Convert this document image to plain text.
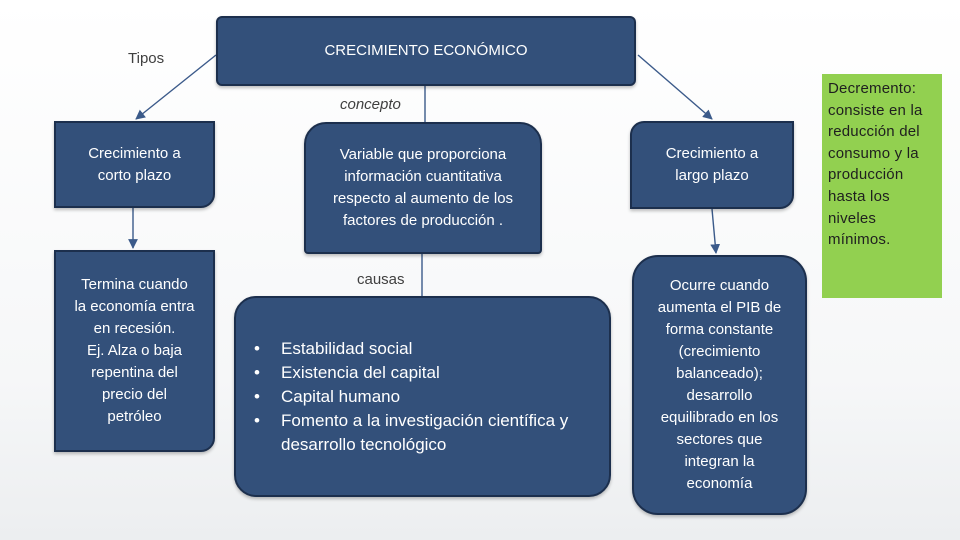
Tipos
concepto
causas
CRECIMIENTO ECONÓMICO
Crecimiento a
corto plazo
Variable que proporciona
información cuantitativa
respecto al aumento de los
factores de producción .
Crecimiento a
largo plazo
Termina cuando
la economía entra
en recesión.
Ej. Alza o baja
repentina del
precio del
petróleo
• Estabilidad social
• Existencia del capital
• Capital humano
• Fomento a la investigación científica y desarrollo tecnológico
Ocurre cuando
aumenta el PIB de
forma constante
(crecimiento
balanceado);
desarrollo
equilibrado en los
sectores que
integran la
economía
Decremento:
consiste en la
reducción del
consumo y la
producción
hasta los
niveles
mínimos.
